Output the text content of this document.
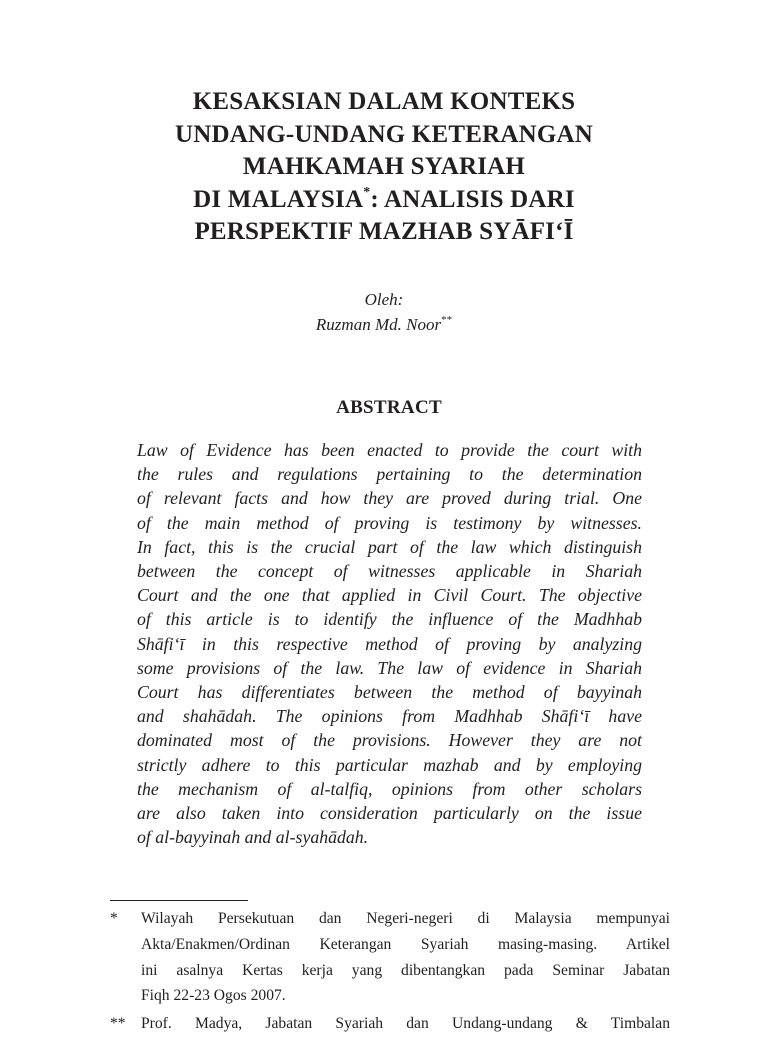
KESAKSIAN DALAM KONTEKS
UNDANG-UNDANG KETERANGAN
MAHKAMAH SYARIAH
DI MALAYSIA*: ANALISIS DARI
PERSPEKTIF MAZHAB SYĀFI‘Ī
Oleh:
Ruzman Md. Noor**
ABSTRACT
Law of Evidence has been enacted to provide the court with
the rules and regulations pertaining to the determination
of relevant facts and how they are proved during trial. One
of the main method of proving is testimony by witnesses.
In fact, this is the crucial part of the law which distinguish
between the concept of witnesses applicable in Shariah
Court and the one that applied in Civil Court. The objective
of this article is to identify the influence of the Madhhab
Shāfi‘ī in this respective method of proving by analyzing
some provisions of the law. The law of evidence in Shariah
Court has differentiates between the method of bayyinah
and shahādah. The opinions from Madhhab Shāfi‘ī have
dominated most of the provisions. However they are not
strictly adhere to this particular mazhab and by employing
the mechanism of al-talfiq, opinions from other scholars
are also taken into consideration particularly on the issue
of al-bayyinah and al-syahādah.
* Wilayah Persekutuan dan Negeri-negeri di Malaysia mempunyai
Akta/Enakmen/Ordinan Keterangan Syariah masing-masing. Artikel
ini asalnya Kertas kerja yang dibentangkan pada Seminar Jabatan
Fiqh 22-23 Ogos 2007.
** Prof. Madya, Jabatan Syariah dan Undang-undang & Timbalan
